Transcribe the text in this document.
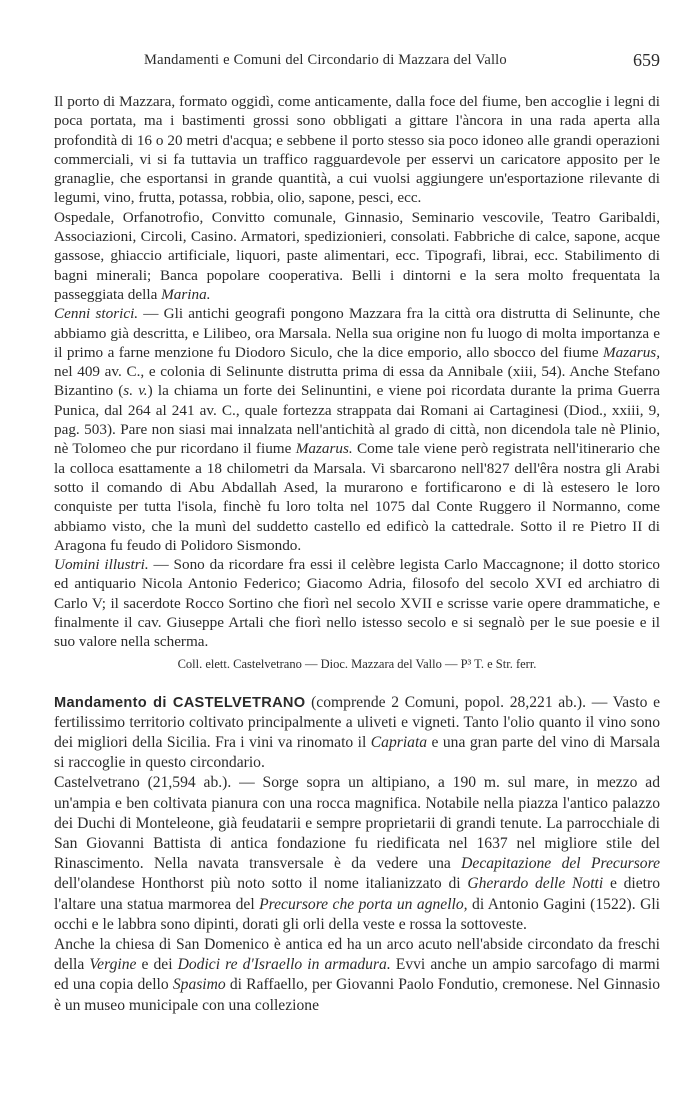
Mandamenti e Comuni del Circondario di Mazzara del Vallo	659

Il porto di Mazzara, formato oggidì, come anticamente, dalla foce del fiume, ben accoglie i legni di poca portata, ma i bastimenti grossi sono obbligati a gittare l'àncora in una rada aperta alla profondità di 16 o 20 metri d'acqua; e sebbene il porto stesso sia poco idoneo alle grandi operazioni commerciali, vi si fa tuttavia un traffico ragguardevole per esservi un caricatore apposito per le granaglie, che esportansi in grande quantità, a cui vuolsi aggiungere un'esportazione rilevante di legumi, vino, frutta, potassa, robbia, olio, sapone, pesci, ecc.

Ospedale, Orfanotrofio, Convitto comunale, Ginnasio, Seminario vescovile, Teatro Garibaldi, Associazioni, Circoli, Casino. Armatori, spedizionieri, consolati. Fabbriche di calce, sapone, acque gassose, ghiaccio artificiale, liquori, paste alimentari, ecc. Tipografi, librai, ecc. Stabilimento di bagni minerali; Banca popolare cooperativa. Belli i dintorni e la sera molto frequentata la passeggiata della Marina.

Cenni storici. — Gli antichi geografi pongono Mazzara fra la città ora distrutta di Selinunte, che abbiamo già descritta, e Lilibeo, ora Marsala. Nella sua origine non fu luogo di molta importanza e il primo a farne menzione fu Diodoro Siculo, che la dice emporio, allo sbocco del fiume Mazarus, nel 409 av. C., e colonia di Selinunte distrutta prima di essa da Annibale (xiii, 54). Anche Stefano Bizantino (s. v.) la chiama un forte dei Selinuntini, e viene poi ricordata durante la prima Guerra Punica, dal 264 al 241 av. C., quale fortezza strappata dai Romani ai Cartaginesi (Diod., xxiii, 9, pag. 503). Pare non siasi mai innalzata nell'antichità al grado di città, non dicendola tale nè Plinio, nè Tolomeo che pur ricordano il fiume Mazarus. Come tale viene però registrata nell'itinerario che la colloca esattamente a 18 chilometri da Marsala. Vi sbarcarono nell'827 dell'êra nostra gli Arabi sotto il comando di Abu Abdallah Ased, la murarono e fortificarono e di là estesero le loro conquiste per tutta l'isola, finchè fu loro tolta nel 1075 dal Conte Ruggero il Normanno, come abbiamo visto, che la munì del suddetto castello ed edificò la cattedrale. Sotto il re Pietro II di Aragona fu feudo di Polidoro Sismondo.

Uomini illustri. — Sono da ricordare fra essi il celèbre legista Carlo Maccagnone; il dotto storico ed antiquario Nicola Antonio Federico; Giacomo Adria, filosofo del secolo XVI ed archiatro di Carlo V; il sacerdote Rocco Sortino che fiorì nel secolo XVII e scrisse varie opere drammatiche, e finalmente il cav. Giuseppe Artali che fiorì nello istesso secolo e si segnalò per le sue poesie e il suo valore nella scherma.

Coll. elett. Castelvetrano — Dioc. Mazzara del Vallo — P³ T. e Str. ferr.

Mandamento di CASTELVETRANO (comprende 2 Comuni, popol. 28,221 ab.). — Vasto e fertilissimo territorio coltivato principalmente a uliveti e vigneti. Tanto l'olio quanto il vino sono dei migliori della Sicilia. Fra i vini va rinomato il Capriata e una gran parte del vino di Marsala si raccoglie in questo circondario.

Castelvetrano (21,594 ab.). — Sorge sopra un altipiano, a 190 m. sul mare, in mezzo ad un'ampia e ben coltivata pianura con una rocca magnifica. Notabile nella piazza l'antico palazzo dei Duchi di Monteleone, già feudatarii e sempre proprietarii di grandi tenute. La parrocchiale di San Giovanni Battista di antica fondazione fu riedificata nel 1637 nel migliore stile del Rinascimento. Nella navata transversale è da vedere una Decapitazione del Precursore dell'olandese Honthorst più noto sotto il nome italianizzato di Gherardo delle Notti e dietro l'altare una statua marmorea del Precursore che porta un agnello, di Antonio Gagini (1522). Gli occhi e le labbra sono dipinti, dorati gli orli della veste e rossa la sottoveste.

Anche la chiesa di San Domenico è antica ed ha un arco acuto nell'abside circondato da freschi della Vergine e dei Dodici re d'Israello in armadura. Evvi anche un ampio sarcofago di marmi ed una copia dello Spasimo di Raffaello, per Giovanni Paolo Fondutio, cremonese. Nel Ginnasio è un museo municipale con una collezione
